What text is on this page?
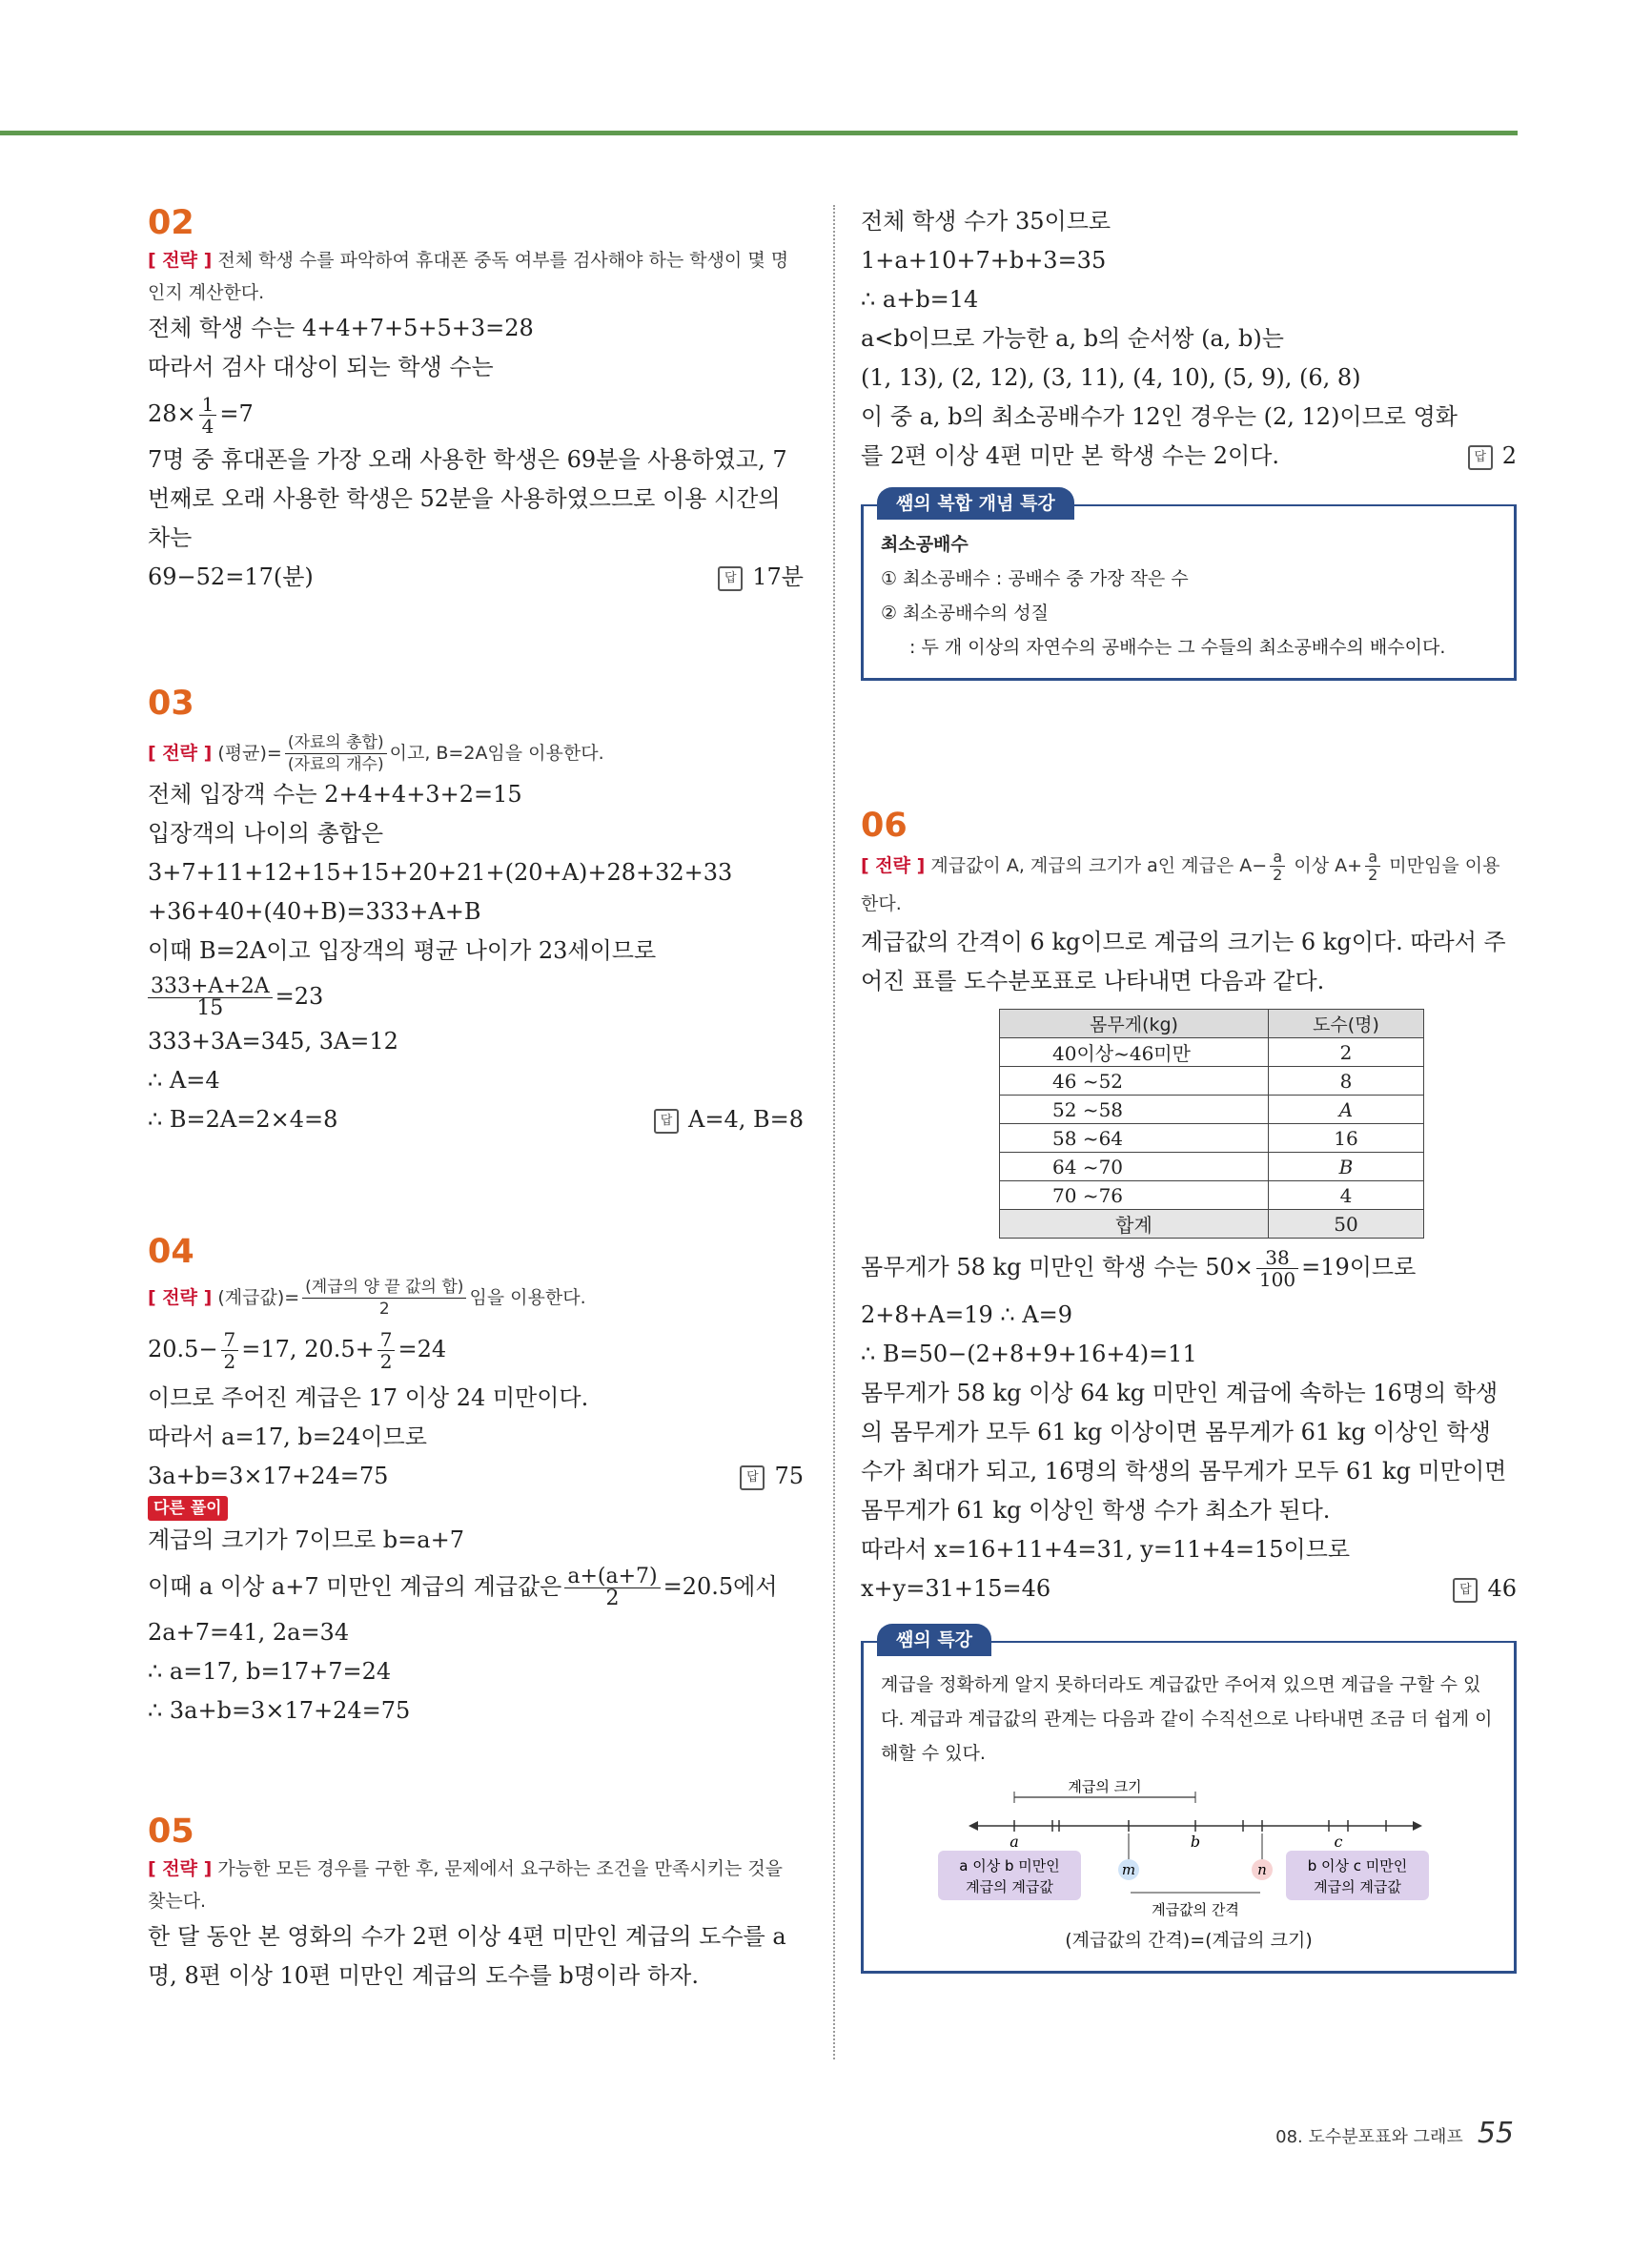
02
[ 전략 ] 전체 학생 수를 파악하여 휴대폰 중독 여부를 검사해야 하는 학생이 몇 명인지 계산한다.
전체 학생 수는 4+4+7+5+5+3=28
따라서 검사 대상이 되는 학생 수는
$28\times \frac{1}{4} =7$
7명 중 휴대폰을 가장 오래 사용한 학생은 69분을 사용하였고, 7번째로 오래 사용한 학생은 52분을 사용하였으므로 이용 시간의 차는
69−52=17(분)	답 17분
03
[ 전략 ] (평균)= $\frac{\text{(자료의 총합)}}{\text{(자료의 개수)}}$ 이고, B=2A임을 이용한다.
전체 입장객 수는 2+4+4+3+2=15
입장객의 나이의 총합은
3+7+11+12+15+15+20+21+(20+A)+28+32+33
+36+40+(40+B)=333+A+B
이때 B=2A이고 입장객의 평균 나이가 23세이므로
$\frac{333+A+2A}{15} =23$
333+3A=345, 3A=12
∴ A=4
∴ B=2A=2×4=8	답 A=4, B=8
04
[ 전략 ] (계급값)= $\frac{\text{(계급의 양 끝 값의 합)}}{2}$ 임을 이용한다.
$20.5- \frac{7}{2} =17$, $20.5+ \frac{7}{2} =24$
이므로 주어진 계급은 17 이상 24 미만이다.
따라서 a=17, b=24이므로
3a+b=3×17+24=75	답 75
다른 풀이
계급의 크기가 7이므로 b=a+7
이때 a 이상 a+7 미만인 계급의 계급값은 $\frac{a+(a+7)}{2} =20.5$에서
2a+7=41, 2a=34
∴ a=17, b=17+7=24
∴ 3a+b=3×17+24=75
05
[ 전략 ] 가능한 모든 경우를 구한 후, 문제에서 요구하는 조건을 만족시키는 것을 찾는다.
한 달 동안 본 영화의 수가 2편 이상 4편 미만인 계급의 도수를 a명, 8편 이상 10편 미만인 계급의 도수를 b명이라 하자.
전체 학생 수가 35이므로
1+a+10+7+b+3=35
∴ a+b=14
a<b이므로 가능한 a, b의 순서쌍 (a, b)는
(1, 13), (2, 12), (3, 11), (4, 10), (5, 9), (6, 8)
이 중 a, b의 최소공배수가 12인 경우는 (2, 12)이므로 영화를 2편 이상 4편 미만 본 학생 수는 2이다.	답 2
쌤의 복합 개념 특강
최소공배수
① 최소공배수 : 공배수 중 가장 작은 수
② 최소공배수의 성질
: 두 개 이상의 자연수의 공배수는 그 수들의 최소공배수의 배수이다.
06
[ 전략 ] 계급값이 A, 계급의 크기가 a인 계급은 $A- \frac{a}{2}$ 이상 $A+ \frac{a}{2}$ 미만임을 이용한다.
계급값의 간격이 6 kg이므로 계급의 크기는 6 kg이다. 따라서 주어진 표를 도수분포표로 나타내면 다음과 같다.
몸무게(kg)	도수(명)
40이상~46미만	2
46 ~52	8
52 ~58	A
58 ~64	16
64 ~70	B
70 ~76	4
합계	50
몸무게가 58 kg 미만인 학생 수는 $50\times \frac{38}{100} =19$이므로
2+8+A=19 ∴ A=9
∴ B=50−(2+8+9+16+4)=11
몸무게가 58 kg 이상 64 kg 미만인 계급에 속하는 16명의 학생의 몸무게가 모두 61 kg 이상이면 몸무게가 61 kg 이상인 학생 수가 최대가 되고, 16명의 학생의 몸무게가 모두 61 kg 미만이면 몸무게가 61 kg 이상인 학생 수가 최소가 된다.
따라서 x=16+11+4=31, y=11+4=15이므로
x+y=31+15=46	답 46
쌤의 특강
계급을 정확하게 알지 못하더라도 계급값만 주어져 있으면 계급을 구할 수 있다. 계급과 계급값의 관계는 다음과 같이 수직선으로 나타내면 조금 더 쉽게 이해할 수 있다.
계급의 크기
a	b	c
a 이상 b 미만인
계급의 계급값
m	n	b 이상 c 미만인
계급의 계급값
계급값의 간격
(계급값의 간격)=(계급의 크기)
08. 도수분포표와 그래프 55
